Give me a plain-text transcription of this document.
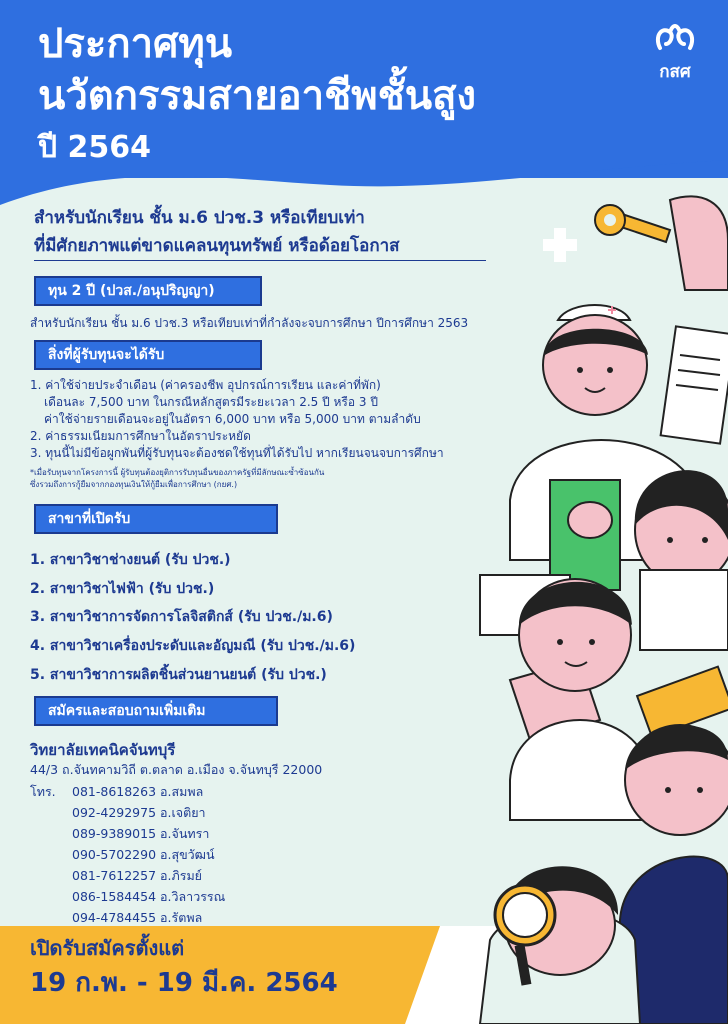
ประกาศทุน
นวัตกรรมสายอาชีพชั้นสูง
ปี 2564
กสศ
สำหรับนักเรียน ชั้น ม.6 ปวช.3 หรือเทียบเท่า
ที่มีศักยภาพแต่ขาดแคลนทุนทรัพย์ หรือด้อยโอกาส
ทุน 2 ปี (ปวส./อนุปริญญา)
สำหรับนักเรียน ชั้น ม.6 ปวช.3 หรือเทียบเท่าที่กำลังจะจบการศึกษา ปีการศึกษา 2563
สิ่งที่ผู้รับทุนจะได้รับ
1. ค่าใช้จ่ายประจำเดือน (ค่าครองชีพ อุปกรณ์การเรียน และค่าที่พัก)
เดือนละ 7,500 บาท ในกรณีหลักสูตรมีระยะเวลา 2.5 ปี หรือ 3 ปี
ค่าใช้จ่ายรายเดือนจะอยู่ในอัตรา 6,000 บาท หรือ 5,000 บาท ตามลำดับ
2. ค่าธรรมเนียมการศึกษาในอัตราประหยัด
3. ทุนนี้ไม่มีข้อผูกพันที่ผู้รับทุนจะต้องชดใช้ทุนที่ได้รับไป หากเรียนจนจบการศึกษา
*เมื่อรับทุนจากโครงการนี้ ผู้รับทุนต้องยุติการรับทุนอื่นของภาครัฐที่มีลักษณะซ้ำซ้อนกัน
ซึ่งรวมถึงการกู้ยืมจากกองทุนเงินให้กู้ยืมเพื่อการศึกษา (กยศ.)
สาขาที่เปิดรับ
1. สาขาวิชาช่างยนต์ (รับ ปวช.)
2. สาขาวิชาไฟฟ้า (รับ ปวช.)
3. สาขาวิชาการจัดการโลจิสติกส์ (รับ ปวช./ม.6)
4. สาขาวิชาเครื่องประดับและอัญมณี (รับ ปวช./ม.6)
5. สาขาวิชาการผลิตชิ้นส่วนยานยนต์ (รับ ปวช.)
สมัครและสอบถามเพิ่มเติม
วิทยาลัยเทคนิคจันทบุรี
44/3 ถ.จันทคามวิถี ต.ตลาด อ.เมือง จ.จันทบุรี 22000
โทร. 081-8618263 อ.สมพล
092-4292975 อ.เจติยา
089-9389015 อ.จันทรา
090-5702290 อ.สุขวัฒน์
081-7612257 อ.ภิรมย์
086-1584454 อ.วิลาวรรณ
094-4784455 อ.รัตพล
เปิดรับสมัครตั้งแต่
19 ก.พ. - 19 มี.ค. 2564
